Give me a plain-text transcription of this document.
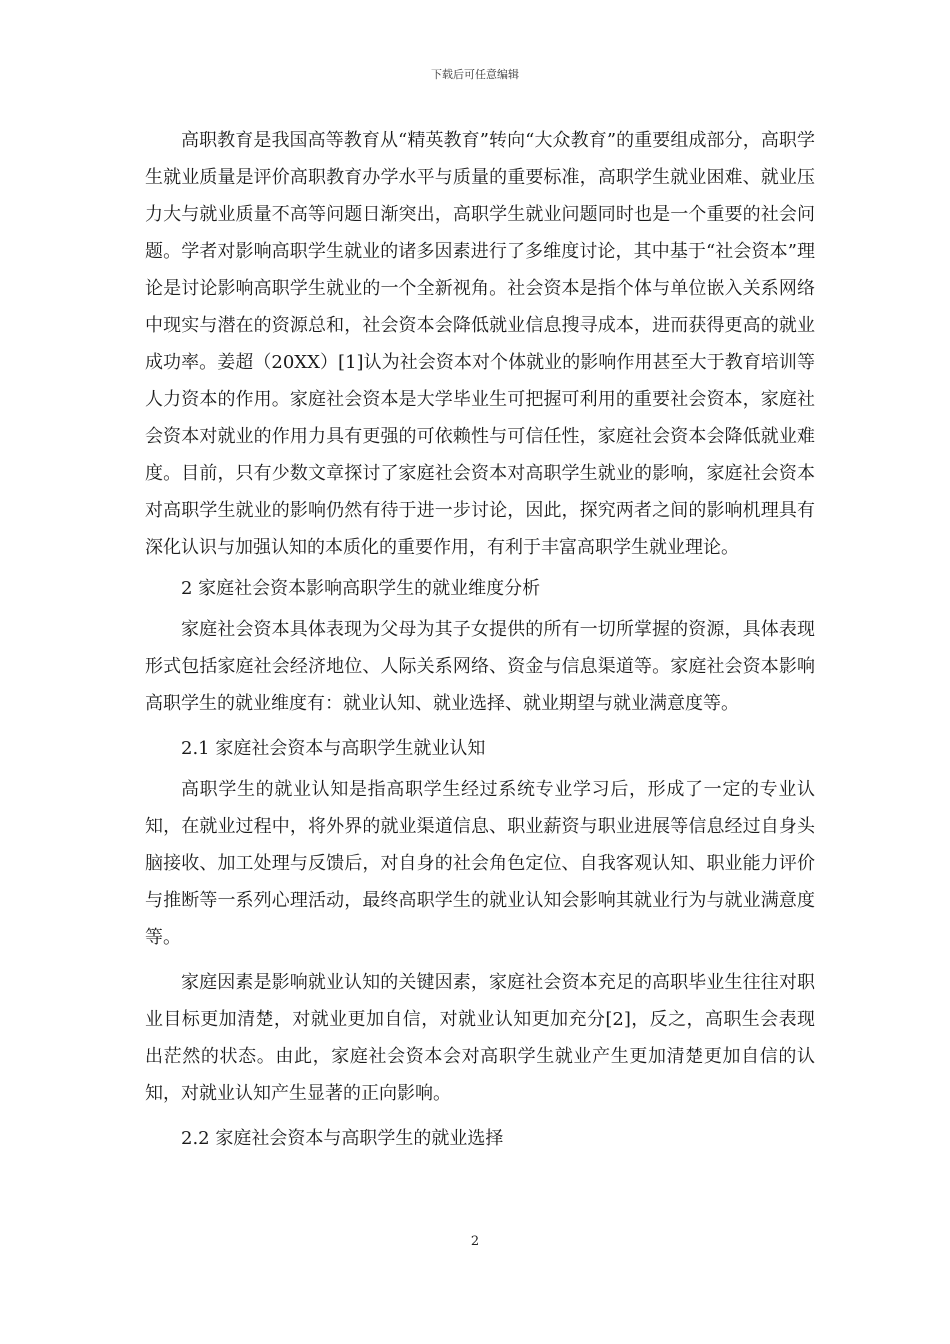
下载后可任意编辑

高职教育是我国高等教育从“精英教育”转向“大众教育”的重要组成部分，高职学生就业质量是评价高职教育办学水平与质量的重要标准，高职学生就业困难、就业压力大与就业质量不高等问题日渐突出，高职学生就业问题同时也是一个重要的社会问题。学者对影响高职学生就业的诸多因素进行了多维度讨论，其中基于“社会资本”理论是讨论影响高职学生就业的一个全新视角。社会资本是指个体与单位嵌入关系网络中现实与潜在的资源总和，社会资本会降低就业信息搜寻成本，进而获得更高的就业成功率。姜超（20XX）[1]认为社会资本对个体就业的影响作用甚至大于教育培训等人力资本的作用。家庭社会资本是大学毕业生可把握可利用的重要社会资本，家庭社会资本对就业的作用力具有更强的可依赖性与可信任性，家庭社会资本会降低就业难度。目前，只有少数文章探讨了家庭社会资本对高职学生就业的影响，家庭社会资本对高职学生就业的影响仍然有待于进一步讨论，因此，探究两者之间的影响机理具有深化认识与加强认知的本质化的重要作用，有利于丰富高职学生就业理论。

2 家庭社会资本影响高职学生的就业维度分析

家庭社会资本具体表现为父母为其子女提供的所有一切所掌握的资源，具体表现形式包括家庭社会经济地位、人际关系网络、资金与信息渠道等。家庭社会资本影响高职学生的就业维度有：就业认知、就业选择、就业期望与就业满意度等。

2.1 家庭社会资本与高职学生就业认知

高职学生的就业认知是指高职学生经过系统专业学习后，形成了一定的专业认知，在就业过程中，将外界的就业渠道信息、职业薪资与职业进展等信息经过自身头脑接收、加工处理与反馈后，对自身的社会角色定位、自我客观认知、职业能力评价与推断等一系列心理活动，最终高职学生的就业认知会影响其就业行为与就业满意度等。

家庭因素是影响就业认知的关键因素，家庭社会资本充足的高职毕业生往往对职业目标更加清楚，对就业更加自信，对就业认知更加充分[2]，反之，高职生会表现出茫然的状态。由此，家庭社会资本会对高职学生就业产生更加清楚更加自信的认知，对就业认知产生显著的正向影响。

2.2 家庭社会资本与高职学生的就业选择

2
